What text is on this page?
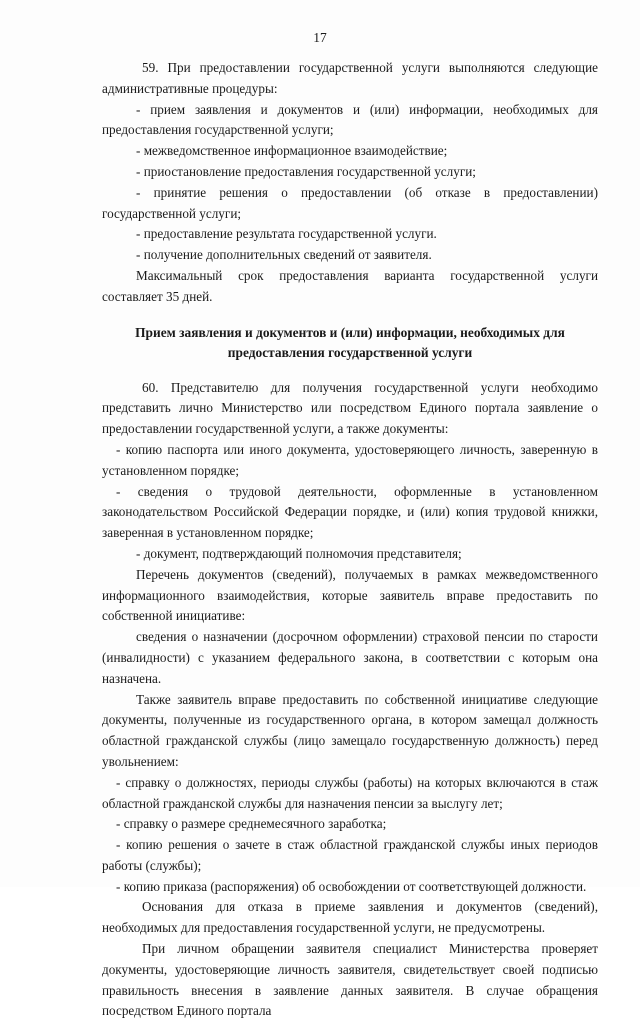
17

59. При предоставлении государственной услуги выполняются следующие административные процедуры:

- прием заявления и документов и (или) информации, необходимых для предоставления государственной услуги;

- межведомственное информационное взаимодействие;

- приостановление предоставления государственной услуги;

- принятие решения о предоставлении (об отказе в предоставлении) государственной услуги;

- предоставление результата государственной услуги.

- получение дополнительных сведений от заявителя.

Максимальный срок предоставления варианта государственной услуги составляет 35 дней.

Прием заявления и документов и (или) информации, необходимых для предоставления государственной услуги

60. Представителю для получения государственной услуги необходимо представить лично Министерство или посредством Единого портала заявление о предоставлении государственной услуги, а также документы:

- копию паспорта или иного документа, удостоверяющего личность, заверенную в установленном порядке;

- сведения о трудовой деятельности, оформленные в установленном законодательством Российской Федерации порядке, и (или) копия трудовой книжки, заверенная в установленном порядке;

- документ, подтверждающий полномочия представителя;

Перечень документов (сведений), получаемых в рамках межведомственного информационного взаимодействия, которые заявитель вправе предоставить по собственной инициативе:

сведения о назначении (досрочном оформлении) страховой пенсии по старости (инвалидности) с указанием федерального закона, в соответствии с которым она назначена.

Также заявитель вправе предоставить по собственной инициативе следующие документы, полученные из государственного органа, в котором замещал должность областной гражданской службы (лицо замещало государственную должность) перед увольнением:

- справку о должностях, периоды службы (работы) на которых включаются в стаж областной гражданской службы для назначения пенсии за выслугу лет;

- справку о размере среднемесячного заработка;

- копию решения о зачете в стаж областной гражданской службы иных периодов работы (службы);

- копию приказа (распоряжения) об освобождении от соответствующей должности.

Основания для отказа в приеме заявления и документов (сведений), необходимых для предоставления государственной услуги, не предусмотрены.

При личном обращении заявителя специалист Министерства проверяет документы, удостоверяющие личность заявителя, свидетельствует своей подписью правильность внесения в заявление данных заявителя. В случае обращения посредством Единого портала
